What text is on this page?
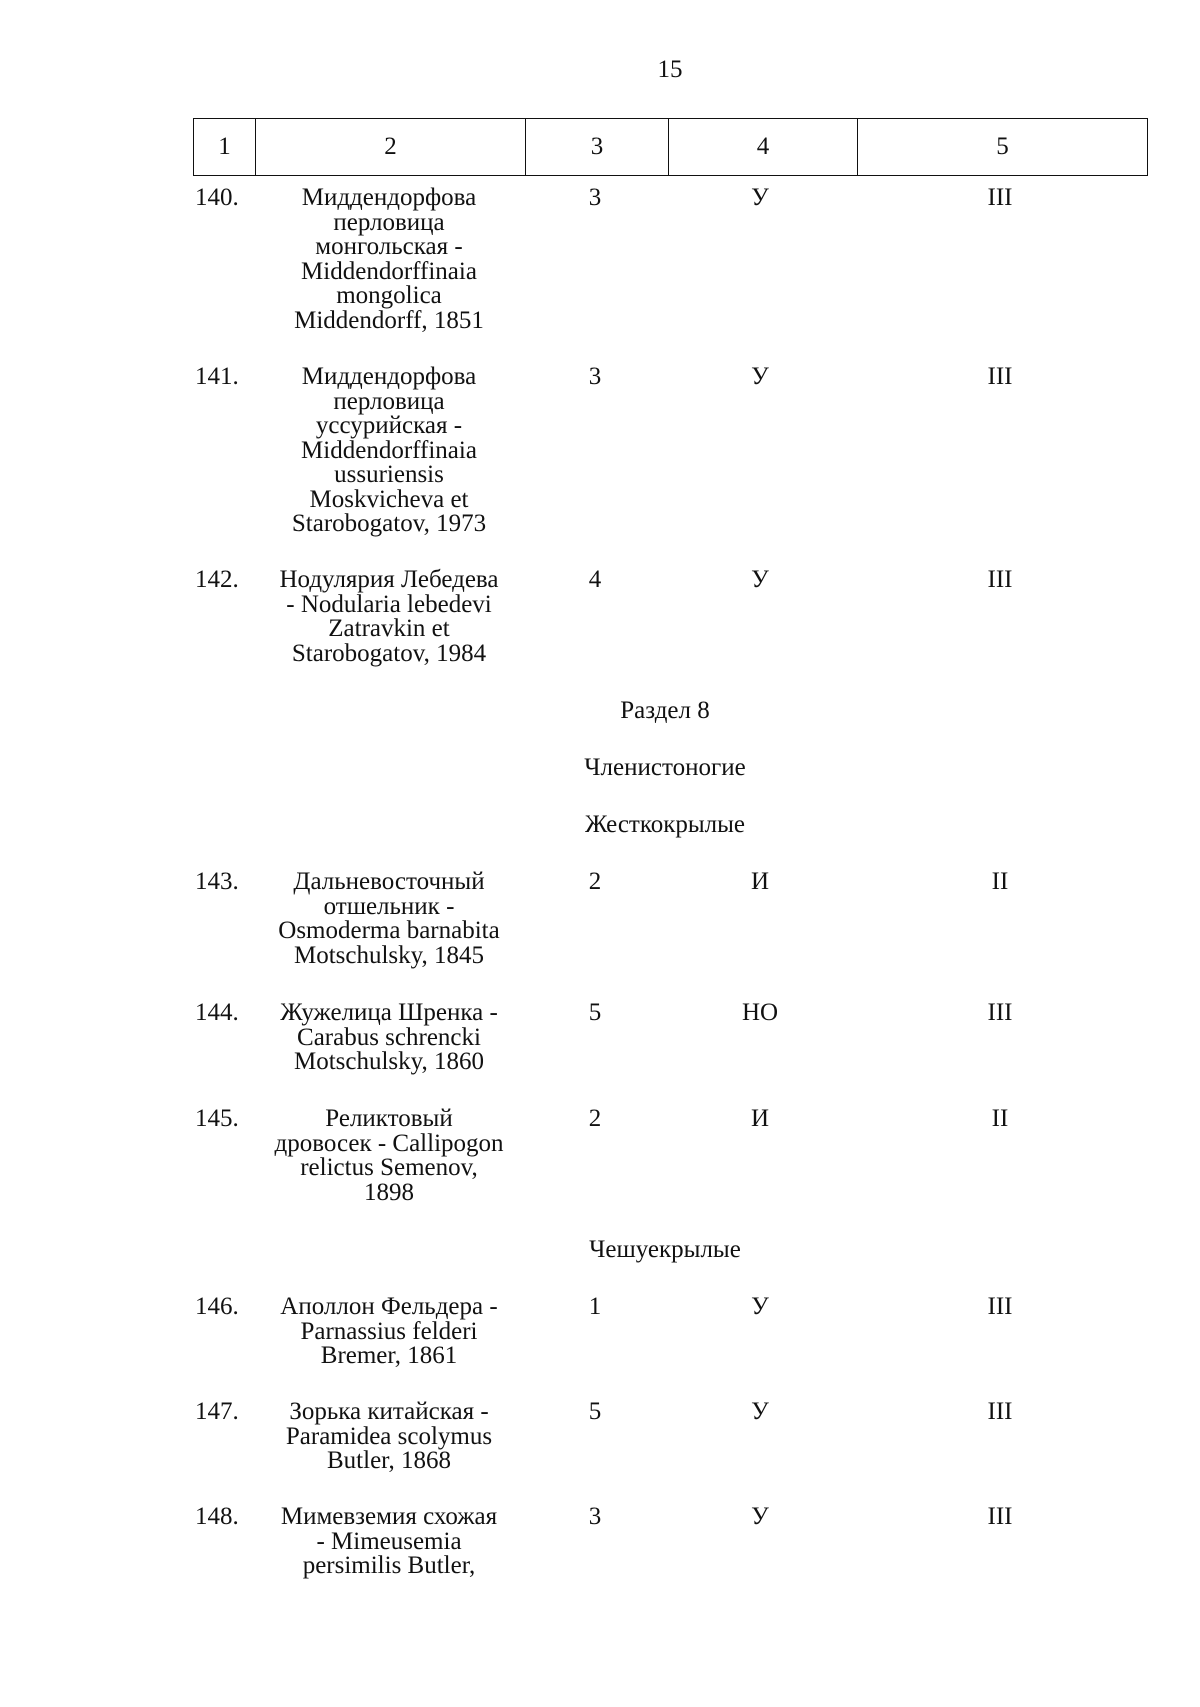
15
1	2	3	4	5
140.	Миддендорфова
перловица
монгольская -
Middendorffinaia
mongolica
Middendorff, 1851
3	У	III
141.	Миддендорфова
перловица
уссурийская -
Middendorffinaia
ussuriensis
Moskvicheva et
Starobogatov, 1973
3	У	III
142.	Нодулярия Лебедева
- Nodularia lebedevi
Zatravkin et
Starobogatov, 1984
4	У	III
Раздел 8
Членистоногие
Жесткокрылые
143.	Дальневосточный
отшельник -
Osmoderma barnabita
Motschulsky, 1845
2	И	II
144.	Жужелица Шренка -
Carabus schrencki
Motschulsky, 1860
5	НО	III
145.	Реликтовый
дровосек - Callipogon
relictus Semenov,
1898
2	И	II
Чешуекрылые
146.	Аполлон Фельдера -
Parnassius felderi
Bremer, 1861
1	У	III
147.	Зорька китайская -
Paramidea scolymus
Butler, 1868
5	У	III
148.	Мимевземия схожая
- Mimeusemia
persimilis Butler,
3	У	III
